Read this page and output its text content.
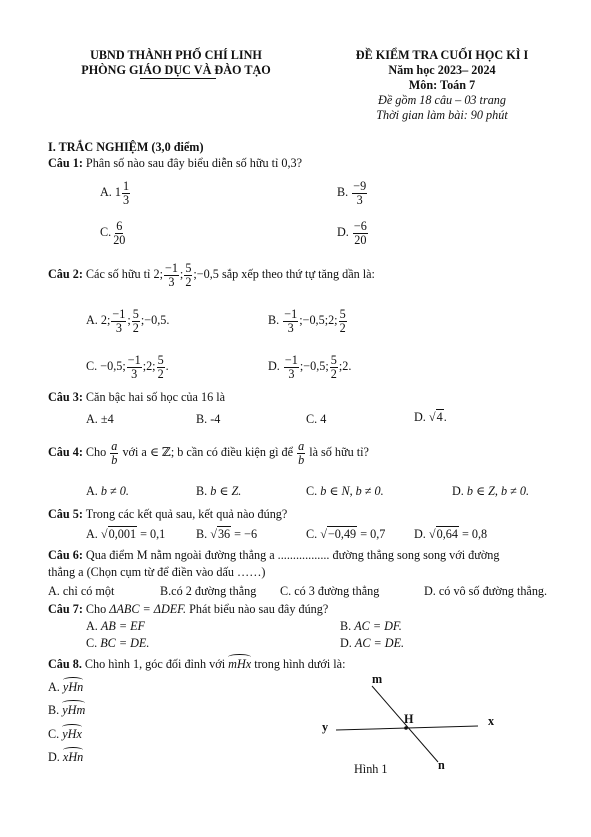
UBND THÀNH PHỐ CHÍ LINH
PHÒNG GIÁO DỤC VÀ ĐÀO TẠO
ĐỀ KIỂM TRA CUỐI HỌC KÌ I
Năm học 2023– 2024
Môn: Toán 7
Đề gồm 18 câu – 03 trang
Thời gian làm bài: 90 phút
I. TRẮC NGHIỆM (3,0 điểm)
Câu 1: Phân số nào sau đây biểu diễn số hữu tỉ 0,3?
A. $1 \frac{1}{3}$	B. $\frac{-9}{3}$
C. $\frac{6}{20}$	D. $\frac{-6}{20}$
Câu 2: Các số hữu tỉ 2; $\frac{-1}{3}$ ; $\frac{5}{2}$ ;−0,5 sắp xếp theo thứ tự tăng dần là:
A. 2; $\frac{-1}{3}$ ; $\frac{5}{2}$ ;−0,5.	B. $\frac{-1}{3}$ ;−0,5;2; $\frac{5}{2}$
C. −0,5; $\frac{-1}{3}$ ;2; $\frac{5}{2}$ .	D. $\frac{-1}{3}$ ;−0,5; $\frac{5}{2}$ ;2.
Câu 3: Căn bậc hai số học của 16 là
A. ±4	B. -4	C. 4	D. √4.
Câu 4: Cho $\frac{a}{b}$ với a ∈ ℤ; b cần có điều kiện gì để $\frac{a}{b}$ là số hữu tỉ?
A. b ≠ 0.	B. b ∈ Z.	C. b ∈ N, b ≠ 0.	D. b ∈ Z, b ≠ 0.
Câu 5: Trong các kết quả sau, kết quả nào đúng?
A. √0,001 = 0,1	B. √36 = −6	C. √−0,49 = 0,7 D. √0,64 = 0,8
Câu 6: Qua điểm M nằm ngoài đường thẳng a ................. đường thẳng song song với đường
thẳng a (Chọn cụm từ để điền vào dấu ……)
A. chỉ có một	B.có 2 đường thẳng C. có 3 đường thẳng	D. có vô số đường thẳng.
Câu 7: Cho ΔABC = ΔDEF. Phát biểu nào sau đây đúng?
A. AB = EF	B. AC = DF.
C. BC = DE.	D. AC = DE.
Câu 8. Cho hình 1, góc đối đỉnh với mHx trong hình dưới là:
A. yHn
B. yHm
C. yHx
D. xHn
m
n
x
y
H
Hình 1
